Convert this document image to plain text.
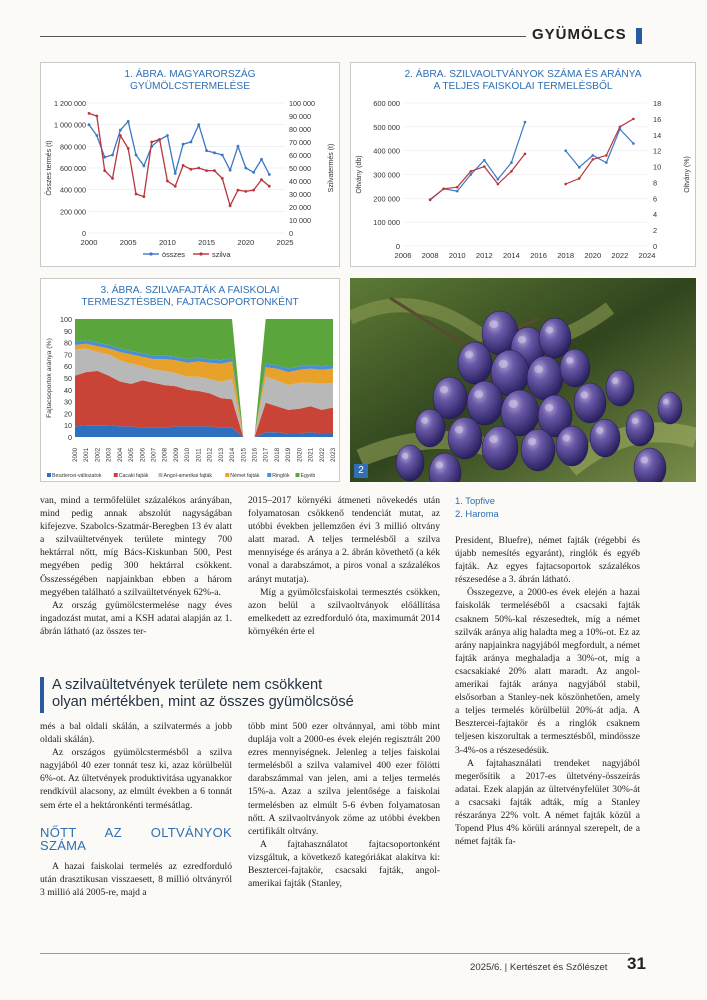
GYÜMÖLCS
1. ÁBRA. MAGYARORSZÁG
GYÜMÖLCSTERMELÉSE
0
200 000
400 000
600 000
800 000
1 000 000
1 200 000
0
10 000
20 000
30 000
40 000
50 000
60 000
70 000
80 000
90 000
100 000
2000	2005	2010	2015	2020	2025
Összes termés (t)	Szilvatermés (t)
összes	szilva
2. ÁBRA. SZILVAOLTVÁNYOK SZÁMA ÉS ARÁNYA
A TELJES FAISKOLAI TERMELÉSBŐL
0
100 000
200 000
300 000
400 000
500 000
600 000
0
2
4
6
8
10
12
14
16
18
2006 2008 2010 2012 2014 2016 2018 2020 2022 2024
Oltvány (db)	Oltvány (%)
3. ÁBRA. SZILVAFAJTÁK A FAISKOLAI
TERMESZTÉSBEN, FAJTACSOPORTONKÉNT
0
10
20
30
40
50
60
70
80
90
100
Fajtacsoportok aránya (%)
2000 2001 2002 2003 2004 2005 2006 2007 2008 2009 2010 2011 2012 2013 2014 2015 2016 2017 2018 2019 2020 2021 2022 2023
Besztercei-változatok	Cacaki fajták	Angol-amerikai fajták	Német fajták Ringlók Egyéb	2

van, mind a termőfelület százalékos arányában, mind pedig annak abszolút nagyságában kifejezve. Szabolcs-Szatmár-Beregben 13 év alatt a szilvaültetvények területe mintegy 700 hektárral nőtt, míg Bács-Kiskunban 500, Pest megyében pedig 300 hektárral csökkent. Összességében napjainkban ebben a három megyében található a szilvaültetvények 62%-a.

Az ország gyümölcstermelése nagy éves ingadozást mutat, ami a KSH adatai alapján az 1. ábrán látható (az összes ter-

2015–2017 környéki átmeneti növekedés után folyamatosan csökkenő tendenciát mutat, az utóbbi években jellemzően évi 3 millió oltvány alatt marad. A teljes termelésből a szilva mennyisége és aránya a 2. ábrán követhető (a kék vonal a darabszámot, a piros vonal a százalékos arányt mutatja).

Míg a gyümölcsfaiskolai termesztés csökken, azon belül a szilvaoltványok előállítása emelkedett az ezredforduló óta, maximumát 2014 környékén érte el

1. Topfive
2. Haroma

President, Bluefre), német fajták (régebbi és újabb nemesítés egyaránt), ringlók és egyéb fajták. Az egyes fajtacsoportok százalékos részesedése a 3. ábrán látható.

Összegezve, a 2000-es évek elején a hazai faiskolák termeléséből a csacsaki fajták csaknem 50%-kal részesedtek, míg a német szilvák aránya alig haladta meg a 10%-ot. Ez az arány napjainkra nagyjából megfordult, a német fajták aránya meghaladja a 30%-ot, míg a csacsakiaké 20% alatt maradt. Az angol-amerikai fajták aránya nagyjából stabil, elsősorban a Stanley-nek köszönhetően, amely a teljes termelés körülbelül 20%-át adja. A Besztercei-fajtakör és a ringlók csaknem teljesen kiszorultak a termesztésből, mindössze 3-4%-os a részesedésük.

A fajtahasználati trendeket nagyjából megerősítik a 2017-es ültetvény-összeírás adatai. Ezek alapján az ültetvényfelület 30%-át a csacsaki fajták adták, míg a Stanley részaránya 22% volt. A német fajták közül a Topend Plus 4% körüli aránnyal szerepelt, de a német fajták fa-

A szilvaültetvények területe nem csökkent
olyan mértékben, mint az összes gyümölcsösé

més a bal oldali skálán, a szilvatermés a jobb oldali skálán).

Az országos gyümölcstermésből a szilva nagyjából 40 ezer tonnát tesz ki, azaz körülbelül 6%-ot. Az ültetvények produktivitása ugyanakkor rendkívül alacsony, az elmúlt években a 6 tonnát sem érte el a hektáronkénti termésátlag.

NŐTT AZ OLTVÁNYOK SZÁMA

A hazai faiskolai termelés az ezredforduló után drasztikusan visszaesett, 8 millió oltványról 3 millió alá 2005-re, majd a

több mint 500 ezer oltvánnyal, ami több mint duplája volt a 2000-es évek elején regisztrált 200 ezres mennyiségnek. Jelenleg a teljes faiskolai termelésből a szilva valamivel 400 ezer fölötti darabszámmal van jelen, ami a teljes termelés 15%-a. Azaz a szilva jelentősége a faiskolai termelésben az elmúlt 5-6 évben folyamatosan nőtt. A szilvaoltványok zöme az utóbbi években certifikált oltvány.

A fajtahasználatot fajtacsoportonként vizsgáltuk, a következő kategóriákat alakítva ki: Besztercei-fajtakör, csacsaki fajták, angol-amerikai fajták (Stanley,

2025/6. | Kertészet és Szőlészet 31
